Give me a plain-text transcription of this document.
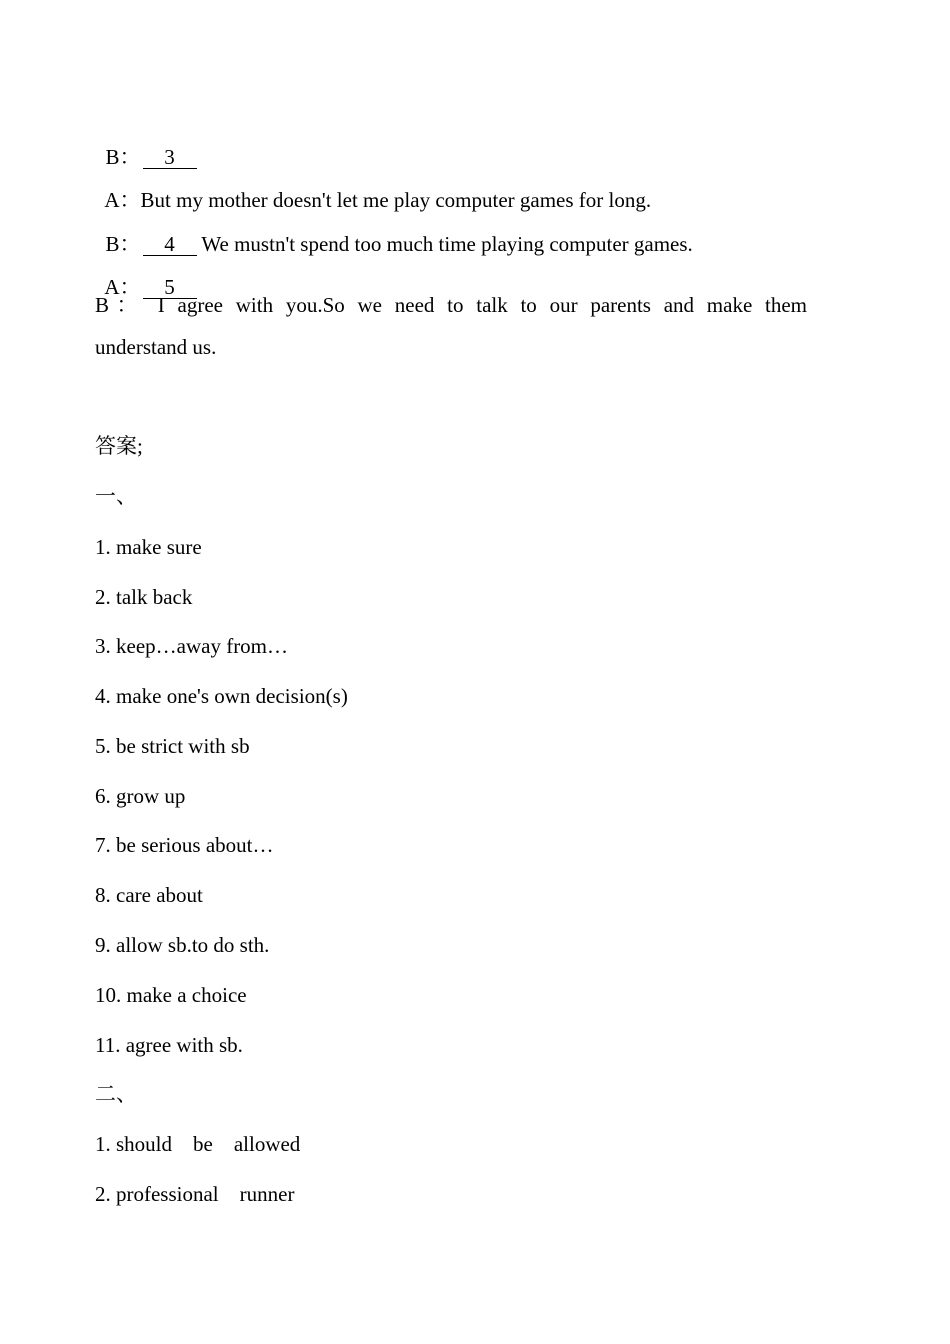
B： 3

A：But my mother doesn't let me play computer games for long.

B： 4 We mustn't spend too much time playing computer games.

A： 5

B： I agree with you.So we need to talk to our parents and make them
understand us.
答案;
一、
1. make sure
2. talk back
3. keep…away from…
4. make one's own decision(s)
5. be strict with sb
6. grow up
7. be serious about…
8. care about
9. allow sb.to do sth.
10. make a choice
11. agree with sb.
二、
1. should    be    allowed
2. professional    runner
